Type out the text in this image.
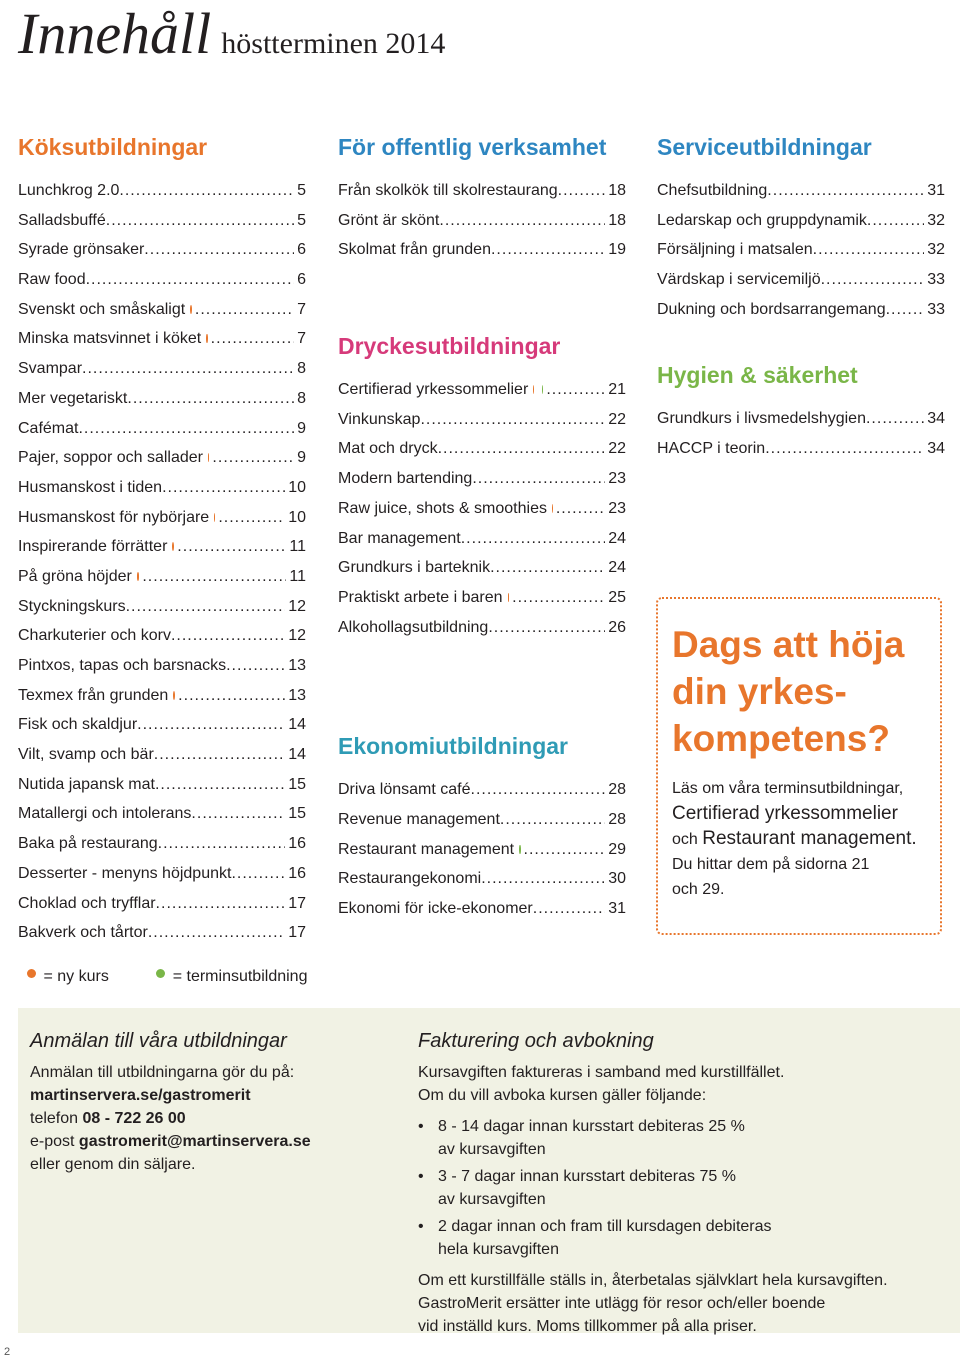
Innehåll höstterminen 2014
Köksutbildningar
Lunchkrog 2.0 .....	5
Salladsbuffé .....	5
Syrade grönsaker .....	6
Raw food .....	6
Svenskt och småskaligt .....	7
Minska matsvinnet i köket .....	7
Svampar .....	8
Mer vegetariskt .....	8
Cafémat .....	9
Pajer, soppor och sallader .....	9
Husmanskost i tiden .....	10
Husmanskost för nybörjare .....	10
Inspirerande förrätter .....	11
På gröna höjder .....	11
Styckningskurs .....	12
Charkuterier och korv .....	12
Pintxos, tapas och barsnacks .....	13
Texmex från grunden .....	13
Fisk och skaldjur .....	14
Vilt, svamp och bär .....	14
Nutida japansk mat .....	15
Matallergi och intolerans .....	15
Baka på restaurang .....	16
Desserter - menyns höjdpunkt .....	16
Choklad och tryfflar .....	17
Bakverk och tårtor .....	17
För offentlig verksamhet
Från skolkök till skolrestaurang .....	18
Grönt är skönt .....	18
Skolmat från grunden .....	19
Dryckesutbildningar
Certifierad yrkessommelier .....	21
Vinkunskap .....	22
Mat och dryck .....	22
Modern bartending .....	23
Raw juice, shots & smoothies .....	23
Bar management .....	24
Grundkurs i barteknik .....	24
Praktiskt arbete i baren .....	25
Alkohollagsutbildning .....	26
Ekonomiutbildningar
Driva lönsamt café .....	28
Revenue management .....	28
Restaurant management .....	29
Restaurangekonomi .....	30
Ekonomi för icke-ekonomer .....	31
Serviceutbildningar
Chefsutbildning .....	31
Ledarskap och gruppdynamik .....	32
Försäljning i matsalen .....	32
Värdskap i servicemiljö .....	33
Dukning och bordsarrangemang .....	33
Hygien & säkerhet
Grundkurs i livsmedelshygien .....	34
HACCP i teorin .....	34
Dags att höja
din yrkes-
kompetens?
Läs om våra terminsutbildningar,
Certifierad yrkessommelier
och Restaurant management.
Du hittar dem på sidorna 21
och 29.
= ny kurs	= terminsutbildning
Anmälan till våra utbildningar
Anmälan till utbildningarna gör du på:
martinservera.se/gastromerit
telefon 08 - 722 26 00
e-post gastromerit@martinservera.se
eller genom din säljare.
Fakturering och avbokning
Kursavgiften faktureras i samband med kurstillfället.
Om du vill avboka kursen gäller följande:
• 8 - 14 dagar innan kursstart debiteras 25 %
av kursavgiften
• 3 - 7 dagar innan kursstart debiteras 75 %
av kursavgiften
• 2 dagar innan och fram till kursdagen debiteras
hela kursavgiften
Om ett kurstillfälle ställs in, återbetalas självklart hela kursavgiften.
GastroMerit ersätter inte utlägg för resor och/eller boende
vid inställd kurs. Moms tillkommer på alla priser.
2
